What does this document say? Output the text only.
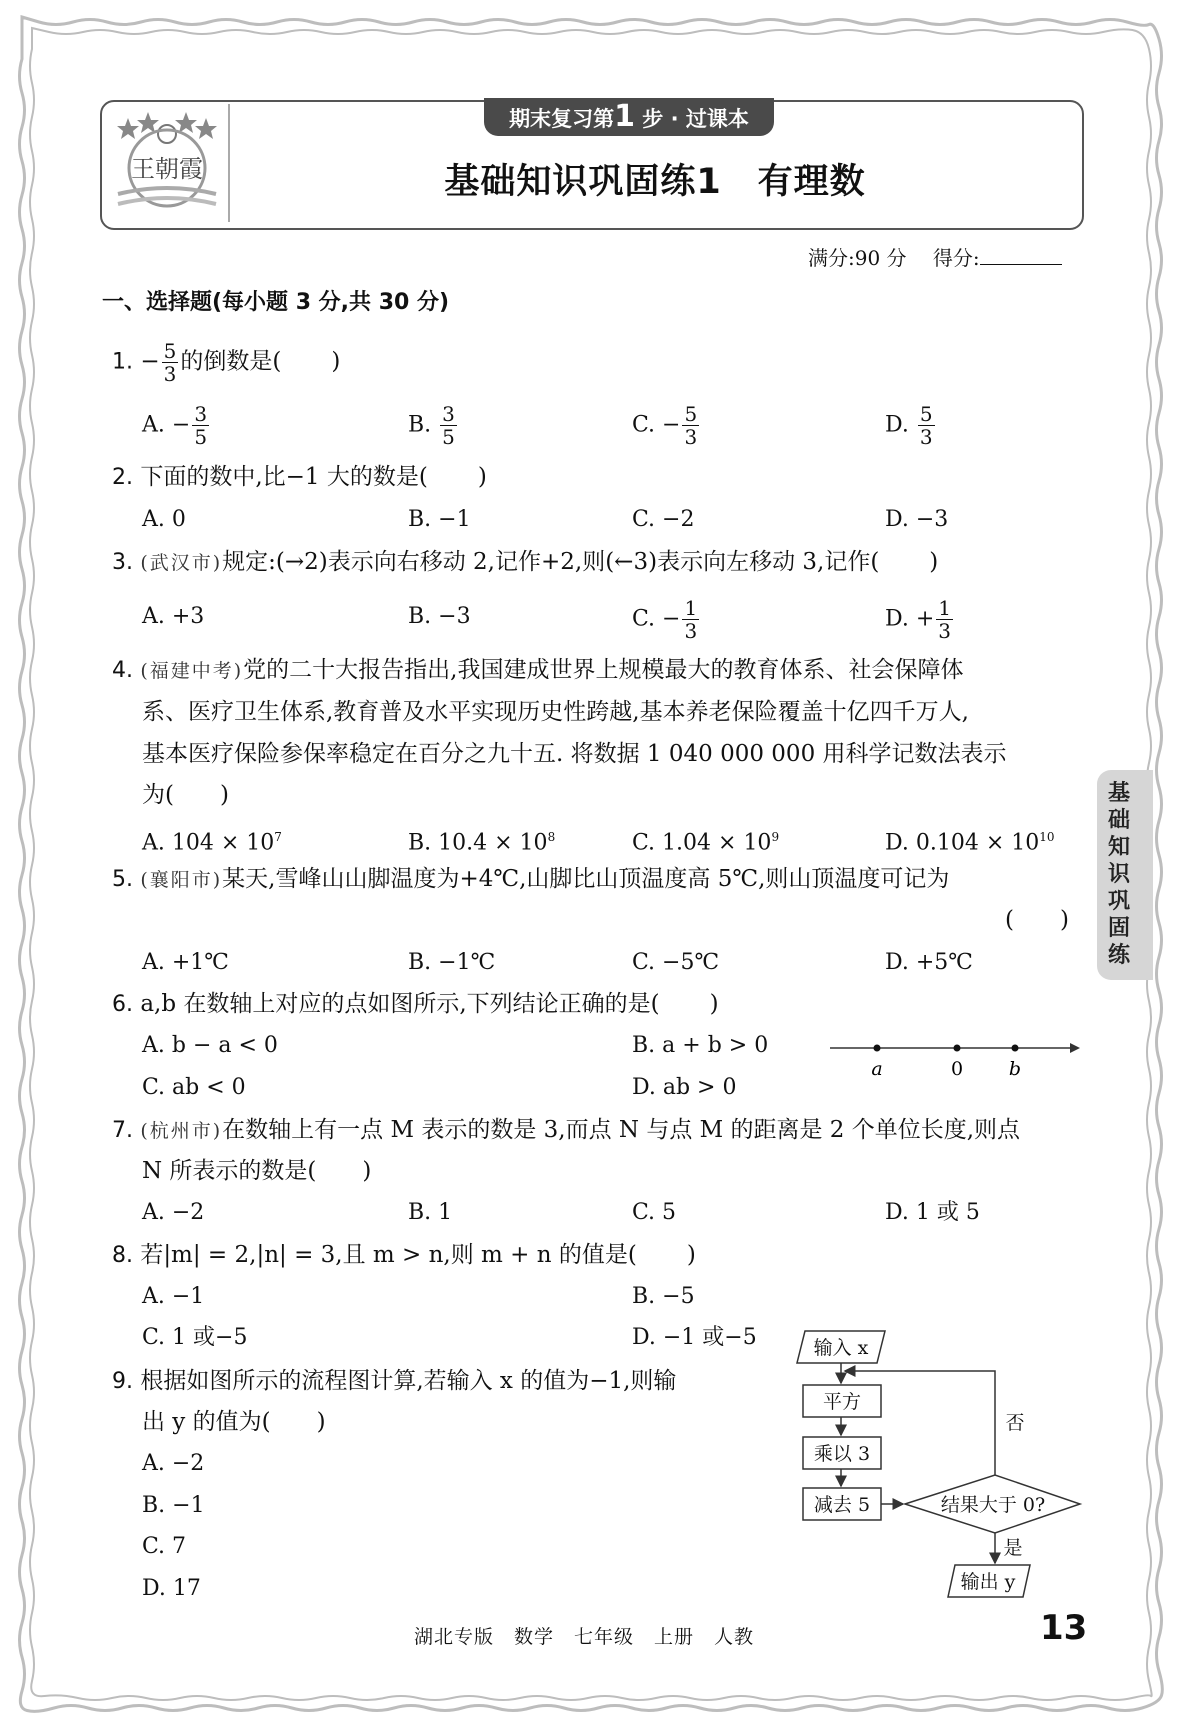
王朝霞
期末复习第1 步 · 过课本
基础知识巩固练1　有理数
满分:90 分　 得分:
一、选择题(每小题 3 分,共 30 分)
1. − $\frac{5}{3}$ 的倒数是( )
A. − $\frac{3}{5}$	B. $\frac{3}{5}$	C. − $\frac{5}{3}$	D. $\frac{5}{3}$
2. 下面的数中,比−1 大的数是( )
A. 0	B. −1	C. −2	D. −3
3. (武汉市)规定:(→2)表示向右移动 2,记作+2,则(←3)表示向左移动 3,记作( )
A. +3	B. −3	C. − $\frac{1}{3}$	D. + $\frac{1}{3}$
4. (福建中考)党的二十大报告指出,我国建成世界上规模最大的教育体系、社会保障体
系、医疗卫生体系,教育普及水平实现历史性跨越,基本养老保险覆盖十亿四千万人,
基本医疗保险参保率稳定在百分之九十五. 将数据 1 040 000 000 用科学记数法表示
为(　　)
A. $104 \times 10^7$	B. $10.4 \times 10^8$	C. $1.04 \times 10^9$	D. $0.104 \times 10^{10}$
5. (襄阳市)某天,雪峰山山脚温度为+4℃,山脚比山顶温度高 5℃,则山顶温度可记为
(　　)
A. +1℃	B. −1℃	C. −5℃	D. +5℃
6. a,b 在数轴上对应的点如图所示,下列结论正确的是( )
A. b − a < 0	B. a + b > 0
C. ab < 0	D. ab > 0
a	0 b
7. (杭州市)在数轴上有一点 M 表示的数是 3,而点 N 与点 M 的距离是 2 个单位长度,则点
N 所表示的数是(　　)
A. −2	B. 1	C. 5	D. 1 或 5
8. 若|m| = 2,|n| = 3,且 m > n,则 m + n 的值是( )
A. −1	B. −5
C. 1 或−5	D. −1 或−5
9. 根据如图所示的流程图计算,若输入 x 的值为−1,则输
出 y 的值为(　　)
A. −2
B. −1
C. 7
D. 17
输入 x
平方
乘以 3
减去 5	结果大于 0?
否
是
输出 y
基础知识巩固练
湖北专版　数学　七年级　上册　人教	13
